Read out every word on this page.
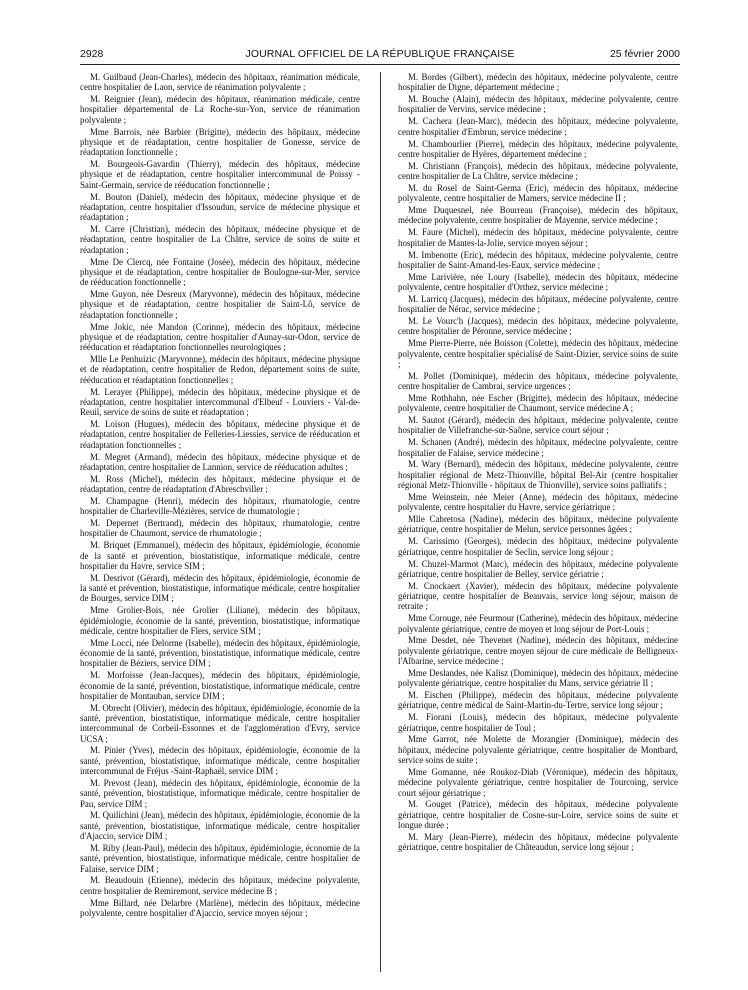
2928	JOURNAL OFFICIEL DE LA RÉPUBLIQUE FRANÇAISE	25 février 2000

M. Guilbaud (Jean-Charles), médecin des hôpitaux, réanimation médicale, centre hospitalier de Laon, service de réanimation polyvalente ;

M. Reignier (Jean), médecin des hôpitaux, réanimation médicale, centre hospitalier départemental de La Roche-sur-Yon, service de réanimation polyvalente ;

Mme Barrois, née Barbier (Brigitte), médecin des hôpitaux, médecine physique et de réadaptation, centre hospitalier de Gonesse, service de réadaptation fonctionnelle ;

M. Bourgeois-Gavardin (Thierry), médecin des hôpitaux, médecine physique et de réadaptation, centre hospitalier intercommunal de Poissy - Saint-Germain, service de rééducation fonctionnelle ;

M. Bouton (Daniel), médecin des hôpitaux, médecine physique et de réadaptation, centre hospitalier d'Issoudun, service de médecine physique et réadaptation ;

M. Carre (Christian), médecin des hôpitaux, médecine physique et de réadaptation, centre hospitalier de La Châtre, service de soins de suite et réadaptation ;

Mme De Clercq, née Fontaine (Josée), médecin des hôpitaux, médecine physique et de réadaptation, centre hospitalier de Boulogne-sur-Mer, service de rééducation fonctionnelle ;

Mme Guyon, née Desreux (Maryvonne), médecin des hôpitaux, médecine physique et de réadaptation, centre hospitalier de Saint-Lô, service de réadaptation fonctionnelle ;

Mme Jokic, née Mandon (Corinne), médecin des hôpitaux, médecine physique et de réadaptation, centre hospitalier d'Aunay-sur-Odon, service de rééducation et réadaptation fonctionnelles neurologiques ;

Mlle Le Penhuizic (Maryvonne), médecin des hôpitaux, médecine physique et de réadaptation, centre hospitalier de Redon, département soins de suite, rééducation et réadaptation fonctionnelles ;

M. Lerayer (Philippe), médecin des hôpitaux, médecine physique et de réadaptation, centre hospitalier intercommunal d'Elbeuf - Louviers - Val-de-Reuil, service de soins de suite et réadaptation ;

M. Loison (Hugues), médecin des hôpitaux, médecine physique et de réadaptation, centre hospitalier de Felleries-Liessies, service de rééducation et réadaptation fonctionnelles ;

M. Megret (Armand), médecin des hôpitaux, médecine physique et de réadaptation, centre hospitalier de Lannion, service de rééducation adultes ;

M. Ross (Michel), médecin des hôpitaux, médecine physique et de réadaptation, centre de réadaptation d'Abreschviller ;

M. Champagne (Henri), médecin des hôpitaux, rhumatologie, centre hospitalier de Charleville-Mézières, service de rhumatologie ;

M. Depernet (Bertrand), médecin des hôpitaux, rhumatologie, centre hospitalier de Chaumont, service de rhumatologie ;

M. Briquet (Emmanuel), médecin des hôpitaux, épidémiologie, économie de la santé et prévention, biostatistique, informatique médicale, centre hospitalier du Havre, service SIM ;

M. Desrivot (Gérard), médecin des hôpitaux, épidémiologie, économie de la santé et prévention, biostatistique, informatique médicale, centre hospitalier de Bourges, service DIM ;

Mme Grolier-Bois, née Grolier (Liliane), médecin des hôpitaux, épidémiologie, économie de la santé, prévention, biostatistique, informatique médicale, centre hospitalier de Flers, service SIM ;

Mme Locci, née Delorme (Isabelle), médecin des hôpitaux, épidémiologie, économie de la santé, prévention, biostatistique, informatique médicale, centre hospitalier de Béziers, service DIM ;

M. Morfoisse (Jean-Jacques), médecin des hôpitaux, épidémiologie, économie de la santé, prévention, biostatistique, informatique médicale, centre hospitalier de Montauban, service DIM ;

M. Obrecht (Olivier), médecin des hôpitaux, épidémiologie, économie de la santé, prévention, biostatistique, informatique médicale, centre hospitalier intercommunal de Corbeil-Essonnes et de l'agglomération d'Evry, service UCSA ;

M. Pinier (Yves), médecin des hôpitaux, épidémiologie, économie de la santé, prévention, biostatistique, informatique médicale, centre hospitalier intercommunal de Fréjus -Saint-Raphaël, service DIM ;

M. Prevost (Jean), médecin des hôpitaux, épidémiologie, économie de la santé, prévention, biostatistique, informatique médicale, centre hospitalier de Pau, service DIM ;

M. Quilichini (Jean), médecin des hôpitaux, épidémiologie, économie de la santé, prévention, biostatistique, informatique médicale, centre hospitalier d'Ajaccio, service DIM ;

M. Riby (Jean-Paul), médecin des hôpitaux, épidémiologie, économie de la santé, prévention, biostatistique, informatique médicale, centre hospitalier de Falaise, service DIM ;

M. Beaudouin (Etienne), médecin des hôpitaux, médecine polyvalente, centre hospitalier de Remiremont, service médecine B ;

Mme Billard, née Delarbre (Marlène), médecin des hôpitaux, médecine polyvalente, centre hospitalier d'Ajaccio, service moyen séjour ;

M. Bordes (Gilbert), médecin des hôpitaux, médecine polyvalente, centre hospitalier de Digne, département médecine ;

M. Bouche (Alain), médecin des hôpitaux, médecine polyvalente, centre hospitalier de Vervins, service médecine ;

M. Cachera (Jean-Marc), médecin des hôpitaux, médecine polyvalente, centre hospitalier d'Embrun, service médecine ;

M. Chambourlier (Pierre), médecin des hôpitaux, médecine polyvalente, centre hospitalier de Hyères, département médecine ;

M. Christiann (François), médecin des hôpitaux, médecine polyvalente, centre hospitalier de La Châtre, service médecine ;

M. du Rosel de Saint-Germa (Eric), médecin des hôpitaux, médecine polyvalente, centre hospitalier de Mamers, service médecine II ;

Mme Duquesnel, née Bourreau (Françoise), médecin des hôpitaux, médecine polyvalente, centre hospitalier de Mayenne, service médecine ;

M. Faure (Michel), médecin des hôpitaux, médecine polyvalente, centre hospitalier de Mantes-la-Jolie, service moyen séjour ;

M. Imbenotte (Eric), médecin des hôpitaux, médecine polyvalente, centre hospitalier de Saint-Amand-les-Eaux, service médecine ;

Mme Larivière, née Loury (Isabelle), médecin des hôpitaux, médecine polyvalente, centre hospitalier d'Orthez, service médecine ;

M. Larricq (Jacques), médecin des hôpitaux, médecine polyvalente, centre hospitalier de Nérac, service médecine ;

M. Le Vourc'h (Jacques), médecin des hôpitaux, médecine polyvalente, centre hospitalier de Péronne, service médecine ;

Mme Pierre-Pierre, née Boisson (Colette), médecin des hôpitaux, médecine polyvalente, centre hospitalier spécialisé de Saint-Dizier, service soins de suite ;

M. Pollet (Dominique), médecin des hôpitaux, médecine polyvalente, centre hospitalier de Cambrai, service urgences ;

Mme Rothhahn, née Escher (Brigitte), médecin des hôpitaux, médecine polyvalente, centre hospitalier de Chaumont, service médecine A ;

M. Sautot (Gérard), médecin des hôpitaux, médecine polyvalente, centre hospitalier de Villefranche-sur-Saône, service court séjour ;

M. Schanen (André), médecin des hôpitaux, médecine polyvalente, centre hospitalier de Falaise, service médecine ;

M. Wary (Bernard), médecin des hôpitaux, médecine polyvalente, centre hospitalier régional de Metz-Thionville, hôpital Bel-Air (centre hospitalier régional Metz-Thionville - hôpitaux de Thionville), service soins palliatifs ;

Mme Weinstein, née Meier (Anne), médecin des hôpitaux, médecine polyvalente, centre hospitalier du Havre, service gériatrique ;

Mlle Cabretosa (Nadine), médecin des hôpitaux, médecine polyvalente gériatrique, centre hospitalier de Melun, service personnes âgées ;

M. Carissimo (Georges), médecin des hôpitaux, médecine polyvalente gériatrique, centre hospitalier de Seclin, service long séjour ;

M. Chuzel-Marmot (Marc), médecin des hôpitaux, médecine polyvalente gériatrique, centre hospitalier de Belley, service gériatrie ;

M. Cnockaert (Xavier), médecin des hôpitaux, médecine polyvalente gériatrique, centre hospitalier de Beauvais, service long séjour, maison de retraite ;

Mme Corouge, née Feurmour (Catherine), médecin des hôpitaux, médecine polyvalente gériatrique, centre de moyen et long séjour de Port-Louis ;

Mme Desdet, née Thevenet (Nadine), médecin des hôpitaux, médecine polyvalente gériatrique, centre moyen séjour de cure médicale de Belligneux-l'Albarine, service médecine ;

Mme Deslandes, née Kalisz (Dominique), médecin des hôpitaux, médecine polyvalente gériatrique, centre hospitalier du Mans, service gériatrie II ;

M. Eischen (Philippe), médecin des hôpitaux, médecine polyvalente gériatrique, centre médical de Saint-Martin-du-Tertre, service long séjour ;

M. Fiorani (Louis), médecin des hôpitaux, médecine polyvalente gériatrique, centre hospitalier de Toul ;

Mme Garrot, née Molette de Morangier (Dominique), médecin des hôpitaux, médecine polyvalente gériatrique, centre hospitalier de Montbard, service soins de suite ;

Mme Gomanne, née Roukoz-Diab (Véronique), médecin des hôpitaux, médecine polyvalente gériatrique, centre hospitalier de Tourcoing, service court séjour gériatrique ;

M. Gouget (Patrice), médecin des hôpitaux, médecine polyvalente gériatrique, centre hospitalier de Cosne-sur-Loire, service soins de suite et longue durée ;

M. Mary (Jean-Pierre), médecin des hôpitaux, médecine polyvalente gériatrique, centre hospitalier de Châteaudun, service long séjour ;
